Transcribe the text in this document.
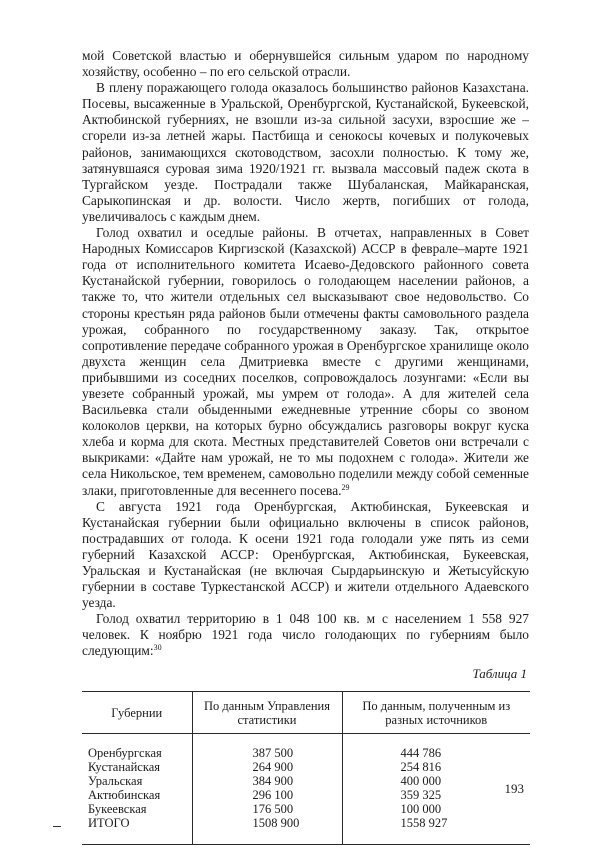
мой Советской властью и обернувшейся сильным ударом по народному хозяйству, особенно – по его сельской отрасли.

В плену поражающего голода оказалось большинство районов Казахстана. Посевы, высаженные в Уральской, Оренбургской, Кустанайской, Букеевской, Актюбинской губерниях, не взошли из-за сильной засухи, взросшие же – сгорели из-за летней жары. Пастбища и сенокосы кочевых и полукочевых районов, занимающихся скотоводством, засохли полностью. К тому же, затянувшаяся суровая зима 1920/1921 гг. вызвала массовый падеж скота в Тургайском уезде. Пострадали также Шубаланская, Майкаранская, Сарыкопинская и др. волости. Число жертв, погибших от голода, увеличивалось с каждым днем.

Голод охватил и оседлые районы. В отчетах, направленных в Совет Народных Комиссаров Киргизской (Казахской) АССР в феврале–марте 1921 года от исполнительного комитета Исаево-Дедовского районного совета Кустанайской губернии, говорилось о голодающем населении районов, а также то, что жители отдельных сел высказывают свое недовольство. Со стороны крестьян ряда районов были отмечены факты самовольного раздела урожая, собранного по государственному заказу. Так, открытое сопротивление передаче собранного урожая в Оренбургское хранилище около двухста женщин села Дмитриевка вместе с другими женщинами, прибывшими из соседних поселков, сопровождалось лозунгами: «Если вы увезете собранный урожай, мы умрем от голода». А для жителей села Васильевка стали обыденными ежедневные утренние сборы со звоном колоколов церкви, на которых бурно обсуждались разговоры вокруг куска хлеба и корма для скота. Местных представителей Советов они встречали с выкриками: «Дайте нам урожай, не то мы подохнем с голода». Жители же села Никольское, тем временем, самовольно поделили между собой семенные злаки, приготовленные для весеннего посева.$^{29}$

С августа 1921 года Оренбургская, Актюбинская, Букеевская и Кустанайская губернии были официально включены в список районов, пострадавших от голода. К осени 1921 года голодали уже пять из семи губерний Казахской АССР: Оренбургская, Актюбинская, Букеевская, Уральская и Кустанайская (не включая Сырдарьинскую и Жетысуйскую губернии в составе Туркестанской АССР) и жители отдельного Адаевского уезда.

Голод охватил территорию в 1 048 100 кв. м с населением 1 558 927 человек. К ноябрю 1921 года число голодающих по губерниям было следующим:$^{30}$

Таблица 1
Губернии	По данным Управления статистики	По данным, полученным из разных источников
Оренбургская	387 500	444 786
Кустанайская	264 900	254 816
Уральская	384 900	400 000
Актюбинская	296 100	359 325
Букеевская	176 500	100 000
ИТОГО	1508 900	1558 927
193
